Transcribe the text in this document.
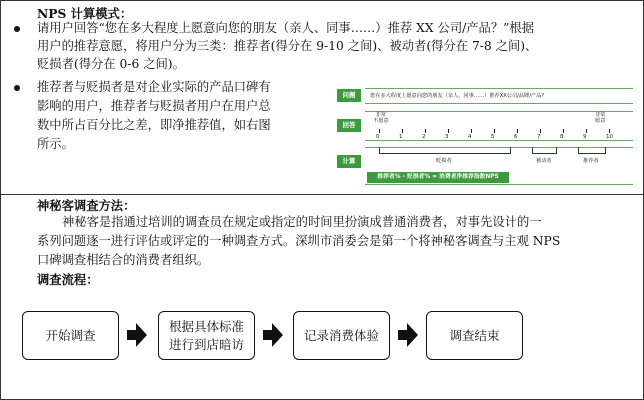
NPS 计算模式：
请用户回答“您在多大程度上愿意向您的朋友（亲人、同事……）推荐 XX 公司/产品？”根据
用户的推荐意愿，将用户分为三类：推荐者(得分在 9-10 之间)、被动者(得分在 7-8 之间)、
贬损者(得分在 0-6 之间)。
推荐者与贬损者是对企业实际的产品口碑有
影响的用户，推荐者与贬损者用户在用户总
数中所占百分比之差，即净推荐值，如右图
所示。
问题	您在多大程度上愿意向您的朋友（亲人、同事……）推荐XX公司/品牌/产品?
回答
非常
不愿意
非常
愿意
0	1	2	3	4	5	6	7	8	9	10
计算	贬损者	被动者	推荐者
推荐者% - 贬损者% = 消费者净推荐指数NPS
神秘客调查方法：
神秘客是指通过培训的调查员在规定或指定的时间里扮演成普通消费者，对事先设计的一
系列问题逐一进行评估或评定的一种调查方式。深圳市消委会是第一个将神秘客调查与主观 NPS
口碑调查相结合的消费者组织。
调查流程：
开始调查
根据具体标准
进行到店暗访
记录消费体验	调查结束
